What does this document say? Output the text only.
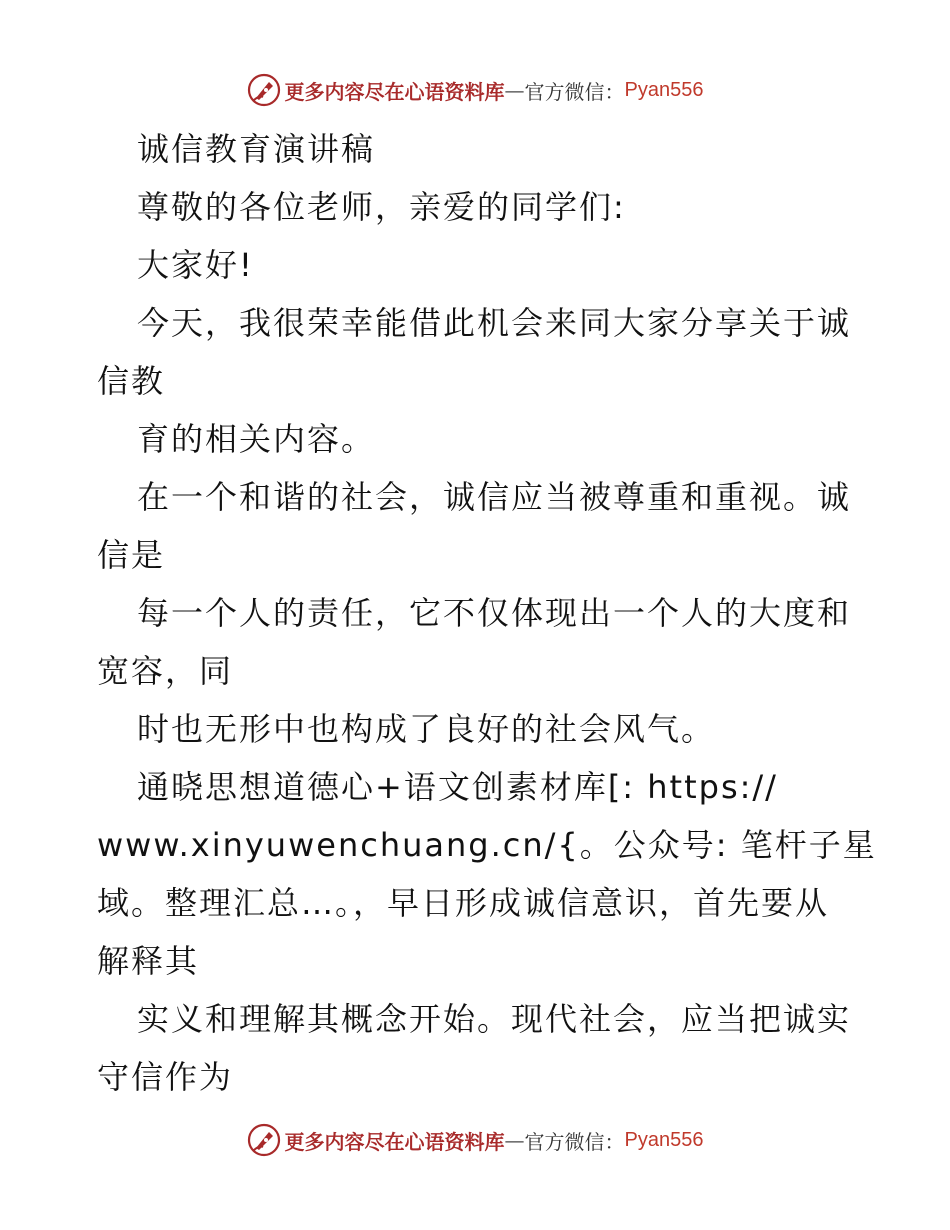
更多内容尽在心语资料库 — 官方微信： Pyan556
诚信教育演讲稿
尊敬的各位老师，亲爱的同学们:
大家好!
今天，我很荣幸能借此机会来同大家分享关于诚
信教
育的相关内容。
在一个和谐的社会，诚信应当被尊重和重视。诚
信是
每一个人的责任，它不仅体现出一个人的大度和
宽容，同
时也无形中也构成了良好的社会风气。
通晓思想道德心+语文创素材库[: https://
www.xinyuwenchuang.cn/{。公众号: 笔杆子星
域。整理汇总…。，早日形成诚信意识，首先要从
解释其
实义和理解其概念开始。现代社会，应当把诚实
守信作为
更多内容尽在心语资料库 — 官方微信： Pyan556
